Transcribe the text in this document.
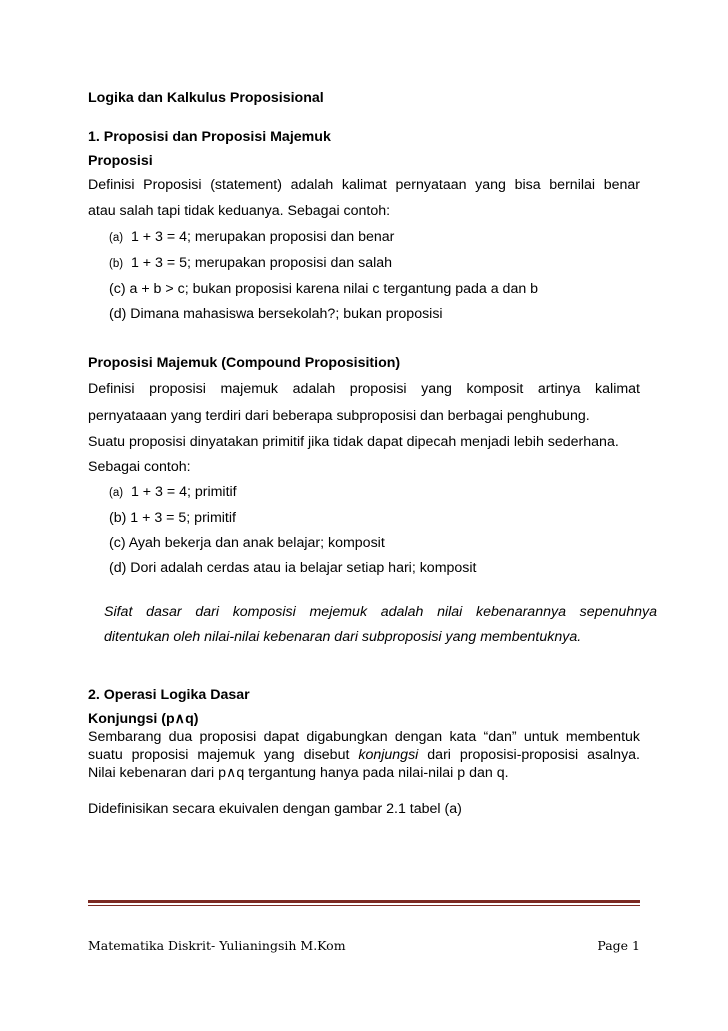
Logika dan Kalkulus Proposisional
1. Proposisi dan Proposisi Majemuk
Proposisi
Definisi Proposisi (statement) adalah kalimat pernyataan yang bisa bernilai benar
atau salah tapi tidak keduanya. Sebagai contoh:
(a) 1 + 3 = 4; merupakan proposisi dan benar
(b) 1 + 3 = 5; merupakan proposisi dan salah
(c) a + b > c; bukan proposisi karena nilai c tergantung pada a dan b
(d) Dimana mahasiswa bersekolah?; bukan proposisi
Proposisi Majemuk (Compound Proposisition)
Definisi proposisi majemuk adalah proposisi yang komposit artinya kalimat
pernyataaan yang terdiri dari beberapa subproposisi dan berbagai penghubung.
Suatu proposisi dinyatakan primitif jika tidak dapat dipecah menjadi lebih sederhana.
Sebagai contoh:
(a) 1 + 3 = 4; primitif
(b) 1 + 3 = 5; primitif
(c) Ayah bekerja dan anak belajar; komposit
(d) Dori adalah cerdas atau ia belajar setiap hari; komposit
Sifat dasar dari komposisi mejemuk adalah nilai kebenarannya sepenuhnya
ditentukan oleh nilai-nilai kebenaran dari subproposisi yang membentuknya.
2. Operasi Logika Dasar
Konjungsi (p∧q)
Sembarang dua proposisi dapat digabungkan dengan kata “dan” untuk membentuk
suatu proposisi majemuk yang disebut konjungsi dari proposisi-proposisi asalnya.
Nilai kebenaran dari p∧q tergantung hanya pada nilai-nilai p dan q.
Didefinisikan secara ekuivalen dengan gambar 2.1 tabel (a)
Matematika Diskrit- Yulianingsih M.Kom	Page 1
